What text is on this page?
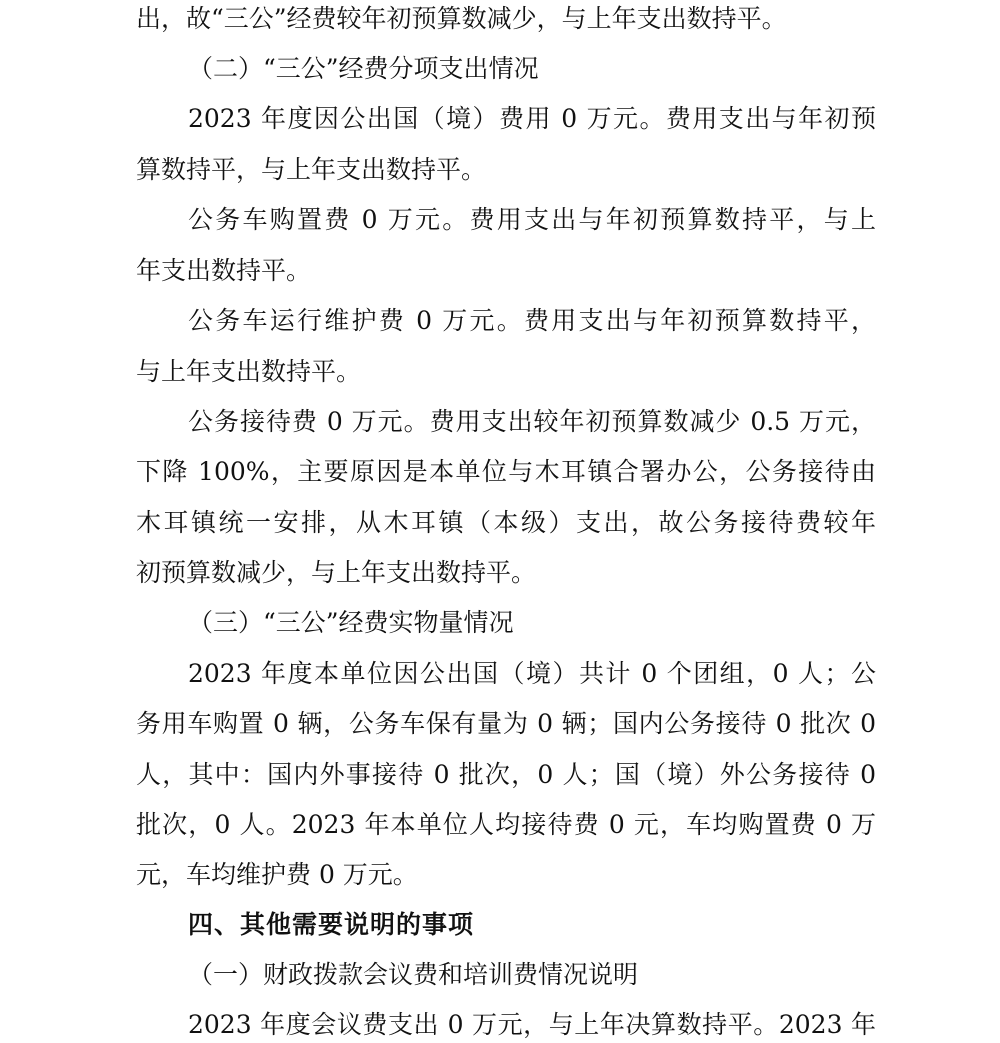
出，故“三公”经费较年初预算数减少，与上年支出数持平。
（二）“三公”经费分项支出情况
2023 年度因公出国（境）费用 0 万元。费用支出与年初预
算数持平，与上年支出数持平。
公务车购置费 0 万元。费用支出与年初预算数持平，与上
年支出数持平。
公务车运行维护费 0 万元。费用支出与年初预算数持平，
与上年支出数持平。
公务接待费 0 万元。费用支出较年初预算数减少 0.5 万元，
下降 100%，主要原因是本单位与木耳镇合署办公，公务接待由
木耳镇统一安排，从木耳镇（本级）支出，故公务接待费较年
初预算数减少，与上年支出数持平。
（三）“三公”经费实物量情况
2023 年度本单位因公出国（境）共计 0 个团组，0 人；公
务用车购置 0 辆，公务车保有量为 0 辆；国内公务接待 0 批次 0
人，其中：国内外事接待 0 批次，0 人；国（境）外公务接待 0
批次，0 人。2023 年本单位人均接待费 0 元，车均购置费 0 万
元，车均维护费 0 万元。
四、其他需要说明的事项
（一）财政拨款会议费和培训费情况说明
2023 年度会议费支出 0 万元，与上年决算数持平。2023 年
